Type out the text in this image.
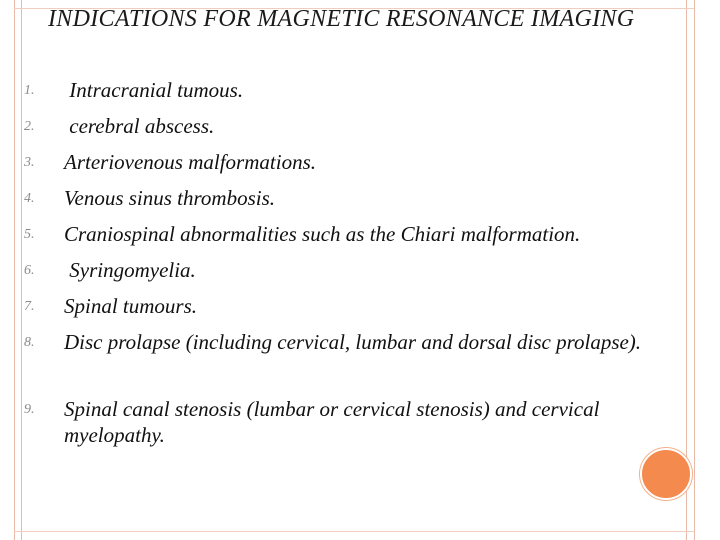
INDICATIONS FOR MAGNETIC RESONANCE IMAGING
1. Intracranial tumous.
2. cerebral abscess.
3. Arteriovenous malformations.
4. Venous sinus thrombosis.
5. Craniospinal abnormalities such as the Chiari malformation.
6. Syringomyelia.
7. Spinal tumours.
8. Disc prolapse (including cervical, lumbar and dorsal disc prolapse).
9. Spinal canal stenosis (lumbar or cervical stenosis) and cervical myelopathy.
